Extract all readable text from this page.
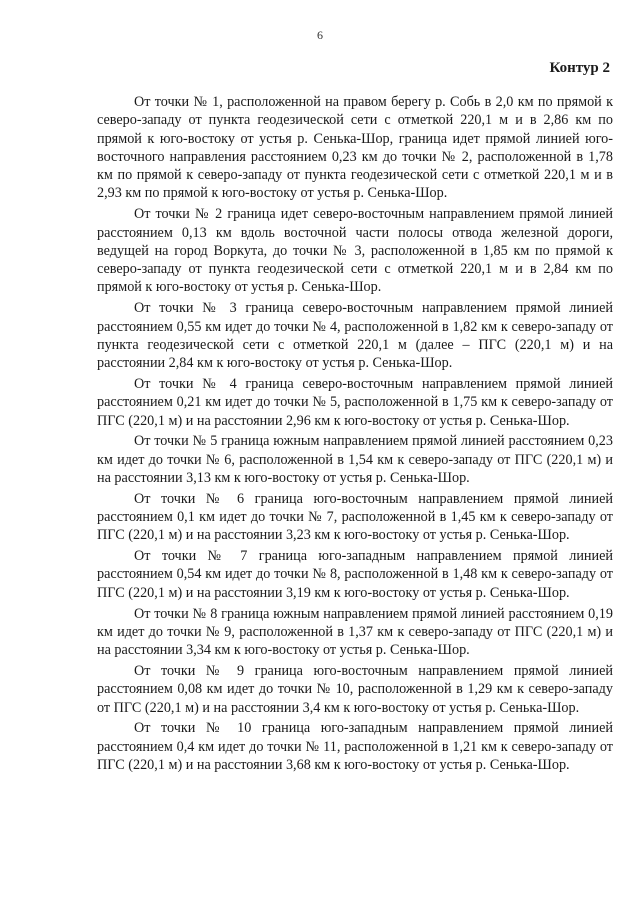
6
Контур 2

От точки № 1, расположенной на правом берегу р. Собь в 2,0 км по прямой к северо-западу от пункта геодезической сети с отметкой 220,1 м и в 2,86 км по прямой к юго-востоку от устья р. Сенька-Шор, граница идет прямой линией юго-восточного направления расстоянием 0,23 км до точки № 2, расположенной в 1,78 км по прямой к северо-западу от пункта геодезической сети с отметкой 220,1 м и в 2,93 км по прямой к юго-востоку от устья р. Сенька-Шор.

От точки № 2 граница идет северо-восточным направлением прямой линией расстоянием 0,13 км вдоль восточной части полосы отвода железной дороги, ведущей на город Воркута, до точки № 3, расположенной в 1,85 км по прямой к северо-западу от пункта геодезической сети с отметкой 220,1 м и в 2,84 км по прямой к юго-востоку от устья р. Сенька-Шор.

От точки № 3 граница северо-восточным направлением прямой линией расстоянием 0,55 км идет до точки № 4, расположенной в 1,82 км к северо-западу от пункта геодезической сети с отметкой 220,1 м (далее – ПГС (220,1 м) и на расстоянии 2,84 км к юго-востоку от устья р. Сенька-Шор.

От точки № 4 граница северо-восточным направлением прямой линией расстоянием 0,21 км идет до точки № 5, расположенной в 1,75 км к северо-западу от ПГС (220,1 м) и на расстоянии 2,96 км к юго-востоку от устья р. Сенька-Шор.

От точки № 5 граница южным направлением прямой линией расстоянием 0,23 км идет до точки № 6, расположенной в 1,54 км к северо-западу от ПГС (220,1 м) и на расстоянии 3,13 км к юго-востоку от устья р. Сенька-Шор.

От точки № 6 граница юго-восточным направлением прямой линией расстоянием 0,1 км идет до точки № 7, расположенной в 1,45 км к северо-западу от ПГС (220,1 м) и на расстоянии 3,23 км к юго-востоку от устья р. Сенька-Шор.

От точки № 7 граница юго-западным направлением прямой линией расстоянием 0,54 км идет до точки № 8, расположенной в 1,48 км к северо-западу от ПГС (220,1 м) и на расстоянии 3,19 км к юго-востоку от устья р. Сенька-Шор.

От точки № 8 граница южным направлением прямой линией расстоянием 0,19 км идет до точки № 9, расположенной в 1,37 км к северо-западу от ПГС (220,1 м) и на расстоянии 3,34 км к юго-востоку от устья р. Сенька-Шор.

От точки № 9 граница юго-восточным направлением прямой линией расстоянием 0,08 км идет до точки № 10, расположенной в 1,29 км к северо-западу от ПГС (220,1 м) и на расстоянии 3,4 км к юго-востоку от устья р. Сенька-Шор.

От точки № 10 граница юго-западным направлением прямой линией расстоянием 0,4 км идет до точки № 11, расположенной в 1,21 км к северо-западу от ПГС (220,1 м) и на расстоянии 3,68 км к юго-востоку от устья р. Сенька-Шор.
